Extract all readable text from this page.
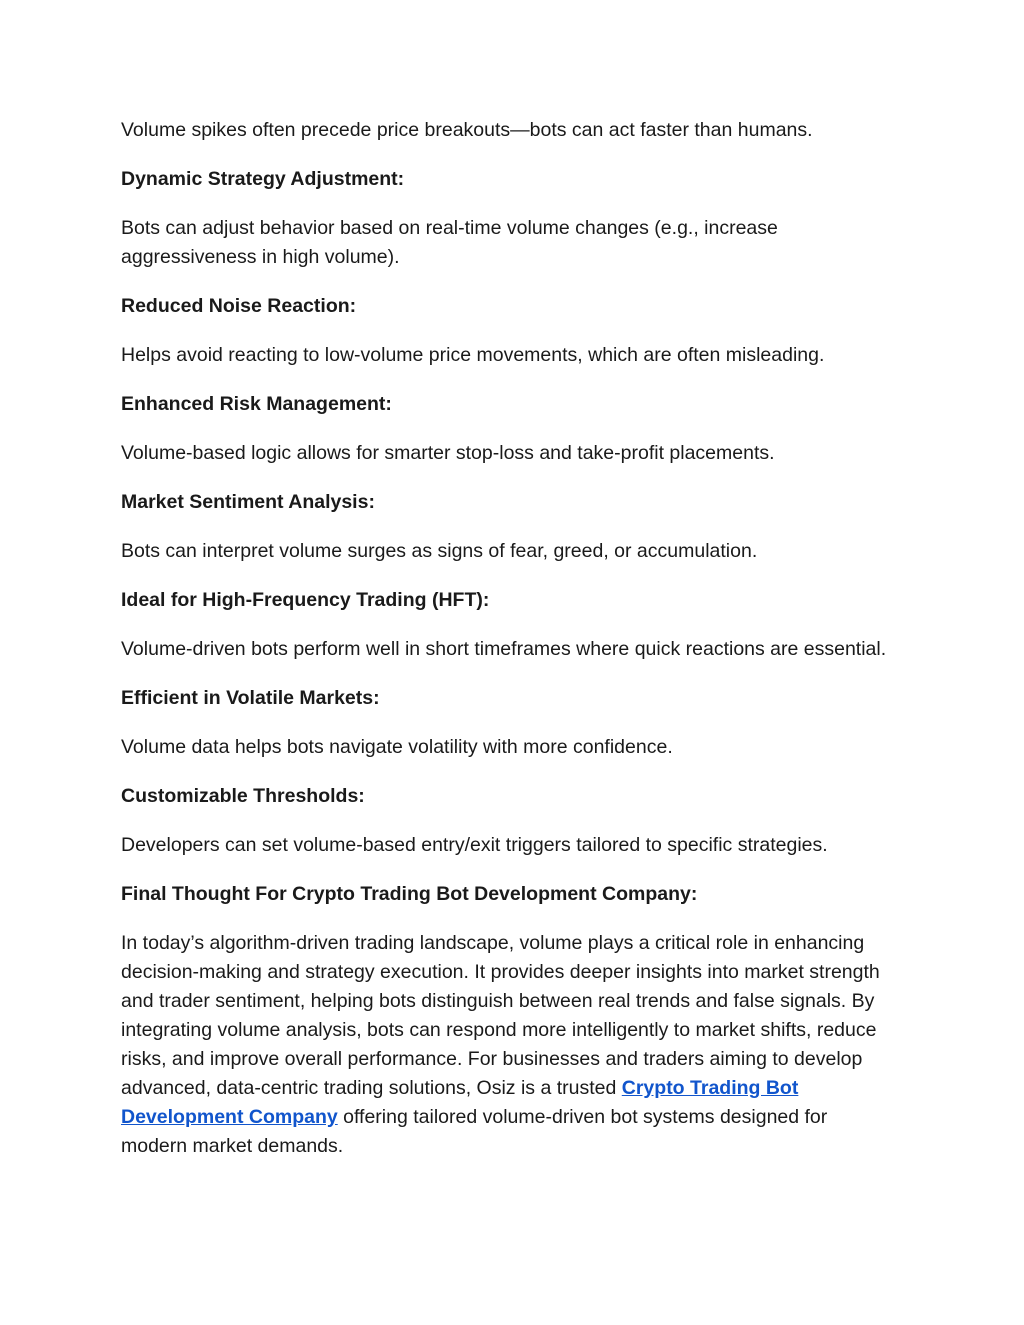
Volume spikes often precede price breakouts—bots can act faster than humans.

Dynamic Strategy Adjustment:

Bots can adjust behavior based on real-time volume changes (e.g., increase aggressiveness in high volume).

Reduced Noise Reaction:

Helps avoid reacting to low-volume price movements, which are often misleading.

Enhanced Risk Management:

Volume-based logic allows for smarter stop-loss and take-profit placements.

Market Sentiment Analysis:

Bots can interpret volume surges as signs of fear, greed, or accumulation.

Ideal for High-Frequency Trading (HFT):

Volume-driven bots perform well in short timeframes where quick reactions are essential.

Efficient in Volatile Markets:

Volume data helps bots navigate volatility with more confidence.

Customizable Thresholds:

Developers can set volume-based entry/exit triggers tailored to specific strategies.

Final Thought For Crypto Trading Bot Development Company:

In today’s algorithm-driven trading landscape, volume plays a critical role in enhancing decision-making and strategy execution. It provides deeper insights into market strength and trader sentiment, helping bots distinguish between real trends and false signals. By integrating volume analysis, bots can respond more intelligently to market shifts, reduce risks, and improve overall performance. For businesses and traders aiming to develop advanced, data-centric trading solutions, Osiz is a trusted Crypto Trading Bot Development Company offering tailored volume-driven bot systems designed for modern market demands.
